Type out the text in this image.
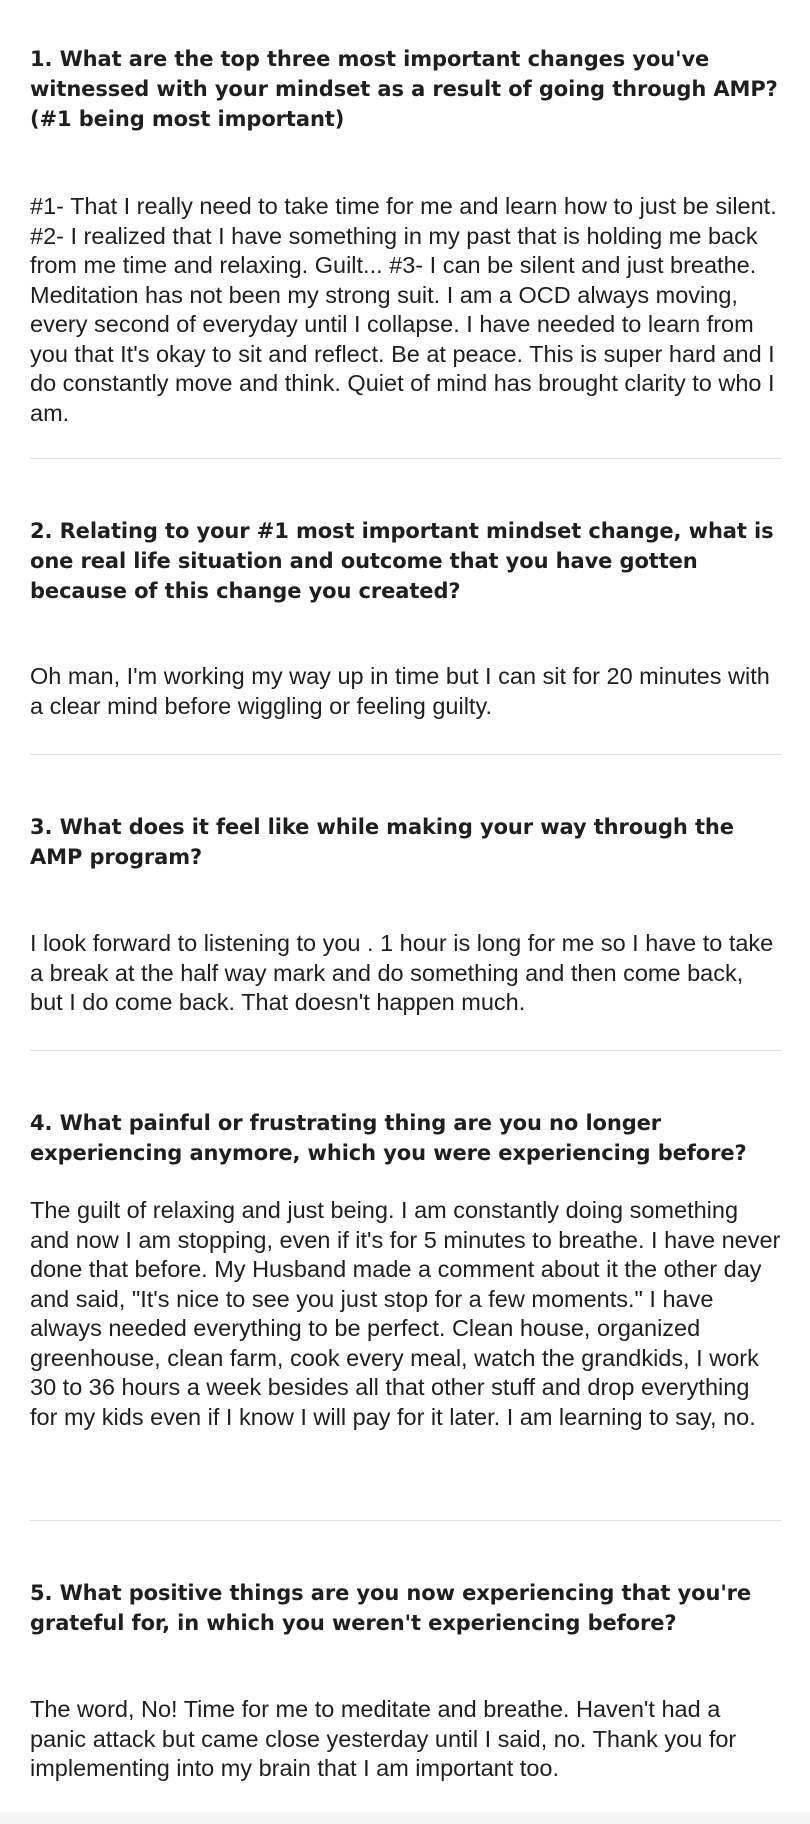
1. What are the top three most important changes you've witnessed with your mindset as a result of going through AMP? (#1 being most important)

#1- That I really need to take time for me and learn how to just be silent. #2- I realized that I have something in my past that is holding me back from me time and relaxing. Guilt... #3- I can be silent and just breathe. Meditation has not been my strong suit. I am a OCD always moving, every second of everyday until I collapse. I have needed to learn from you that It's okay to sit and reflect. Be at peace. This is super hard and I do constantly move and think. Quiet of mind has brought clarity to who I am.

2. Relating to your #1 most important mindset change, what is one real life situation and outcome that you have gotten because of this change you created?

Oh man, I'm working my way up in time but I can sit for 20 minutes with a clear mind before wiggling or feeling guilty.

3. What does it feel like while making your way through the AMP program?

I look forward to listening to you . 1 hour is long for me so I have to take a break at the half way mark and do something and then come back, but I do come back. That doesn't happen much.

4. What painful or frustrating thing are you no longer experiencing anymore, which you were experiencing before?

The guilt of relaxing and just being. I am constantly doing something and now I am stopping, even if it's for 5 minutes to breathe. I have never done that before. My Husband made a comment about it the other day and said, "It's nice to see you just stop for a few moments." I have always needed everything to be perfect. Clean house, organized greenhouse, clean farm, cook every meal, watch the grandkids, I work 30 to 36 hours a week besides all that other stuff and drop everything for my kids even if I know I will pay for it later. I am learning to say, no.

5. What positive things are you now experiencing that you're grateful for, in which you weren't experiencing before?

The word, No! Time for me to meditate and breathe. Haven't had a panic attack but came close yesterday until I said, no. Thank you for implementing into my brain that I am important too.
